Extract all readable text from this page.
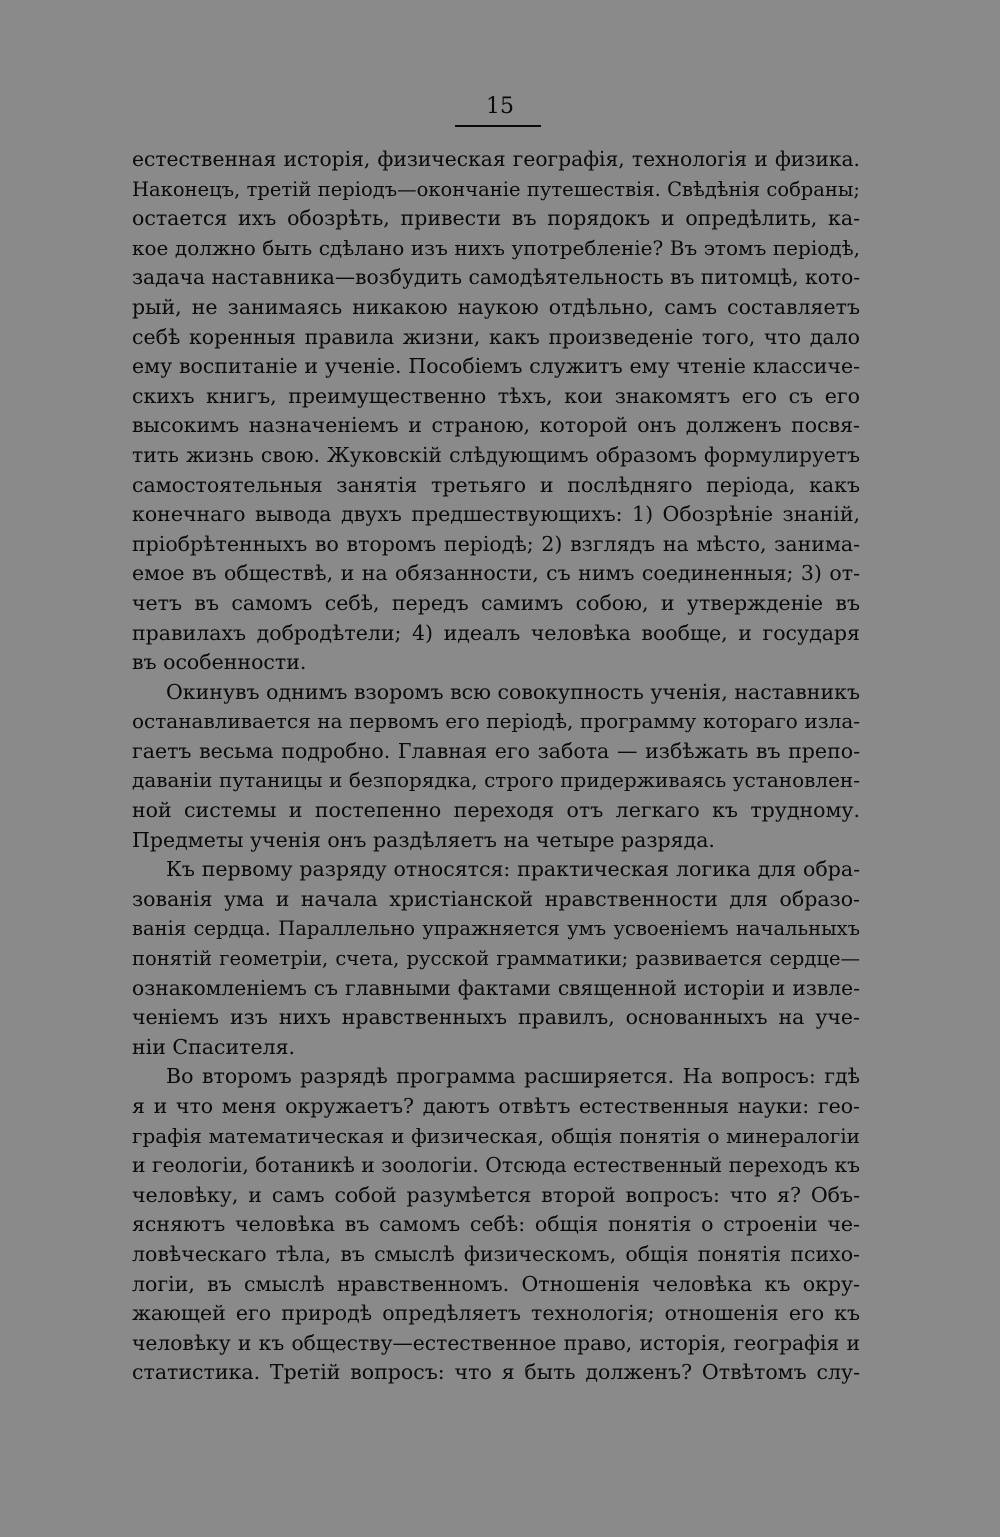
15
естественная исторія, физическая географія, технологія и физика.
Наконецъ, третій періодъ—окончаніе путешествія. Свѣдѣнія собраны;
остается ихъ обозрѣть, привести въ порядокъ и опредѣлить, ка-
кое должно быть сдѣлано изъ нихъ употребленіе? Въ этомъ періодѣ,
задача наставника—возбудить самодѣятельность въ питомцѣ, кото-
рый, не занимаясь никакою наукою отдѣльно, самъ составляетъ
себѣ коренныя правила жизни, какъ произведеніе того, что дало
ему воспитаніе и ученіе. Пособіемъ служитъ ему чтеніе классиче-
скихъ книгъ, преимущественно тѣхъ, кои знакомятъ его съ его
высокимъ назначеніемъ и страною, которой онъ долженъ посвя-
тить жизнь свою. Жуковскій слѣдующимъ образомъ формулируетъ
самостоятельныя занятія третьяго и послѣдняго періода, какъ
конечнаго вывода двухъ предшествующихъ: 1) Обозрѣніе знаній,
пріобрѣтенныхъ во второмъ періодѣ; 2) взглядъ на мѣсто, занима-
емое въ обществѣ, и на обязанности, съ нимъ соединенныя; 3) от-
четъ въ самомъ себѣ, передъ самимъ собою, и утвержденіе въ
правилахъ добродѣтели; 4) идеалъ человѣка вообще, и государя
въ особенности.
Окинувъ однимъ взоромъ всю совокупность ученія, наставникъ
останавливается на первомъ его періодѣ, программу котораго изла-
гаетъ весьма подробно. Главная его забота — избѣжать въ препо-
даваніи путаницы и безпорядка, строго придерживаясь установлен-
ной системы и постепенно переходя отъ легкаго къ трудному.
Предметы ученія онъ раздѣляетъ на четыре разряда.
Къ первому разряду относятся: практическая логика для обра-
зованія ума и начала христіанской нравственности для образо-
ванія сердца. Параллельно упражняется умъ усвоеніемъ начальныхъ
понятій геометріи, счета, русской грамматики; развивается сердце—
ознакомленіемъ съ главными фактами священной исторіи и извле-
ченіемъ изъ нихъ нравственныхъ правилъ, основанныхъ на уче-
ніи Спасителя.
Во второмъ разрядѣ программа расширяется. На вопросъ: гдѣ
я и что меня окружаетъ? даютъ отвѣтъ естественныя науки: гео-
графія математическая и физическая, общія понятія о минералогіи
и геологіи, ботаникѣ и зоологіи. Отсюда естественный переходъ къ
человѣку, и самъ собой разумѣется второй вопросъ: что я? Объ-
ясняютъ человѣка въ самомъ себѣ: общія понятія о строеніи че-
ловѣческаго тѣла, въ смыслѣ физическомъ, общія понятія психо-
логіи, въ смыслѣ нравственномъ. Отношенія человѣка къ окру-
жающей его природѣ опредѣляетъ технологія; отношенія его къ
человѣку и къ обществу—естественное право, исторія, географія и
статистика. Третій вопросъ: что я быть долженъ? Отвѣтомъ слу-
